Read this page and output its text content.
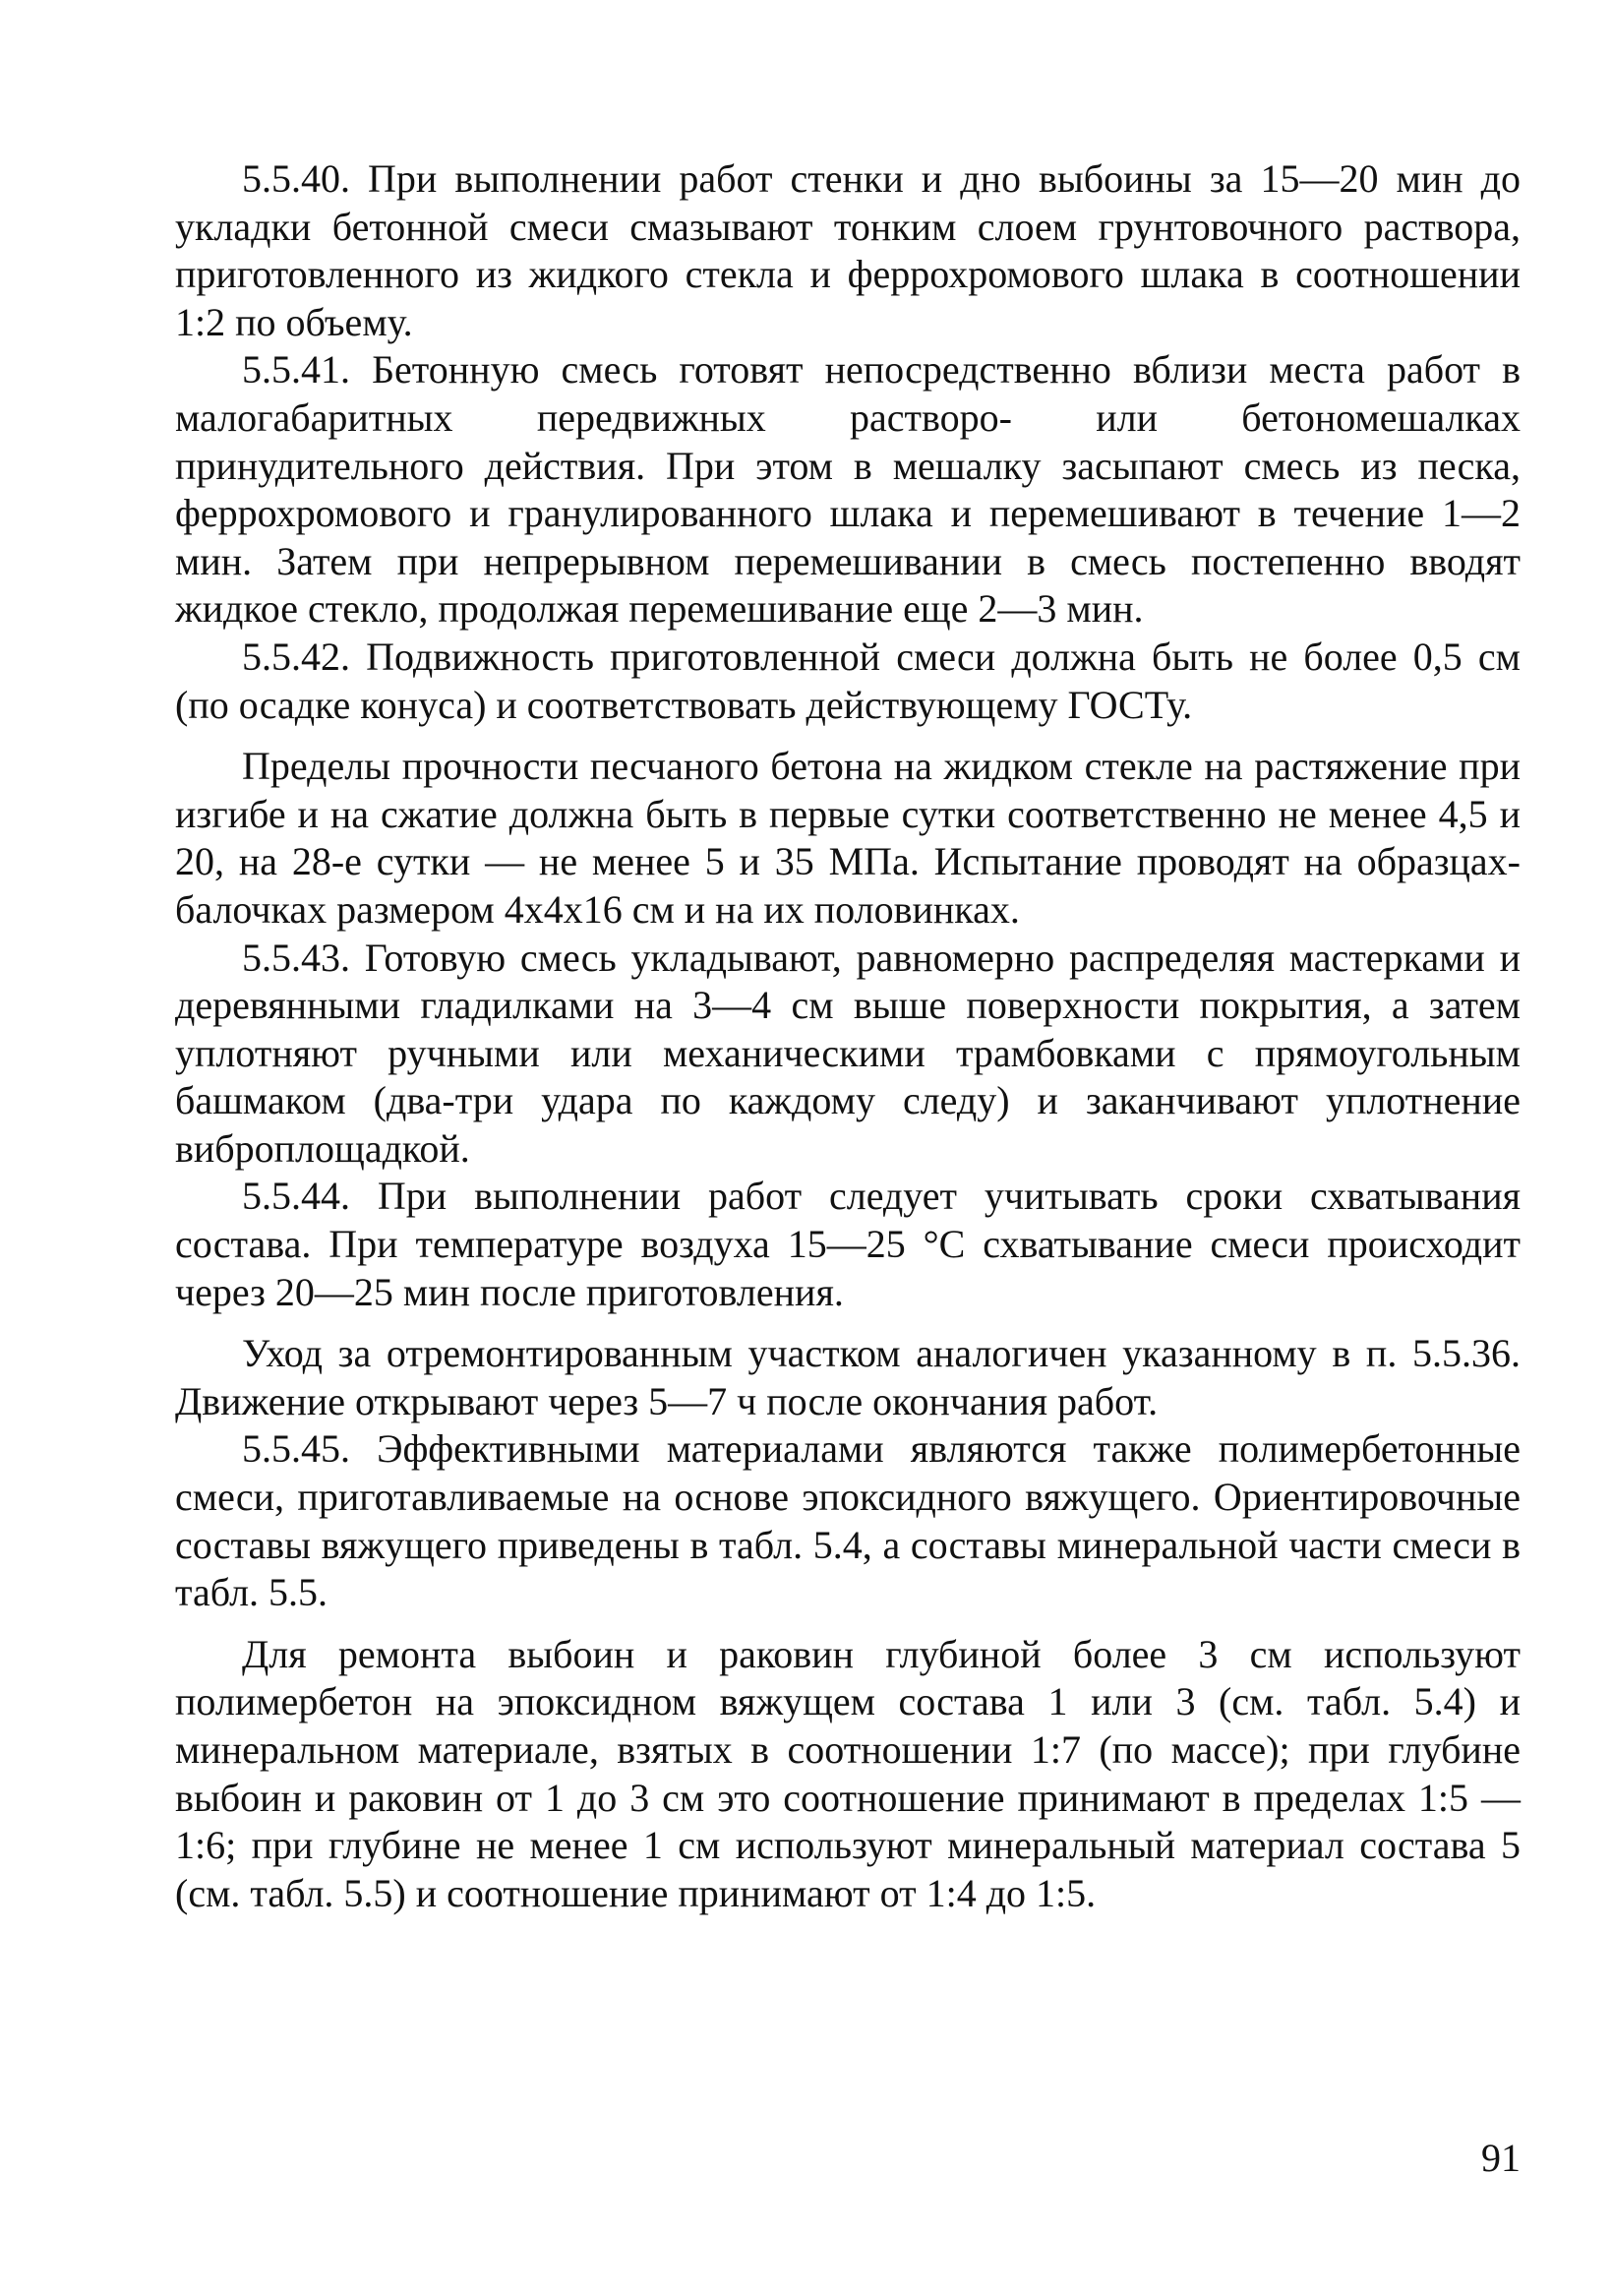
5.5.40. При выполнении работ стенки и дно выбоины за 15—20 мин до укладки бетонной смеси смазывают тонким слоем грунтовочного раствора, приготовленного из жидкого стекла и феррохромового шлака в соотношении 1:2 по объему.

5.5.41. Бетонную смесь готовят непосредственно вблизи места работ в малогабаритных передвижных растворо- или бетономешалках принудительного действия. При этом в мешалку засыпают смесь из песка, феррохромового и гранулированного шлака и перемешивают в течение 1—2 мин. Затем при непрерывном перемешивании в смесь постепенно вводят жидкое стекло, продолжая перемешивание еще 2—3 мин.

5.5.42. Подвижность приготовленной смеси должна быть не более 0,5 см (по осадке конуса) и соответствовать действующему ГОСТу.

Пределы прочности песчаного бетона на жидком стекле на растяжение при изгибе и на сжатие должна быть в первые сутки соответственно не менее 4,5 и 20, на 28-е сутки — не менее 5 и 35 МПа. Испытание проводят на образцах-балочках размером 4х4х16 см и на их половинках.

5.5.43. Готовую смесь укладывают, равномерно распределяя мастерками и деревянными гладилками на 3—4 см выше поверхности покрытия, а затем уплотняют ручными или механическими трамбовками с прямоугольным башмаком (два-три удара по каждому следу) и заканчивают уплотнение виброплощадкой.

5.5.44. При выполнении работ следует учитывать сроки схватывания состава. При температуре воздуха 15—25 °С схватывание смеси происходит через 20—25 мин после приготовления.

Уход за отремонтированным участком аналогичен указанному в п. 5.5.36. Движение открывают через 5—7 ч после окончания работ.

5.5.45. Эффективными материалами являются также полимербетонные смеси, приготавливаемые на основе эпоксидного вяжущего. Ориентировочные составы вяжущего приведены в табл. 5.4, а составы минеральной части смеси в табл. 5.5.

Для ремонта выбоин и раковин глубиной более 3 см используют полимербетон на эпоксидном вяжущем состава 1 или 3 (см. табл. 5.4) и минеральном материале, взятых в соотношении 1:7 (по массе); при глубине выбоин и раковин от 1 до 3 см это соотношение принимают в пределах 1:5 — 1:6; при глубине не менее 1 см используют минеральный материал состава 5 (см. табл. 5.5) и соотношение принимают от 1:4 до 1:5.

91
